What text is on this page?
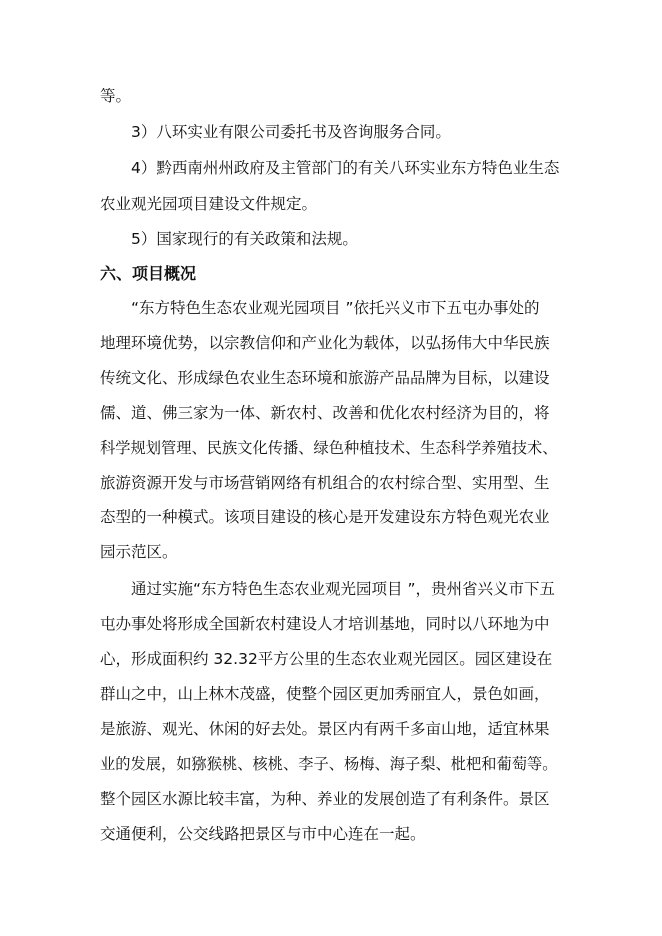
等。
3）八环实业有限公司委托书及咨询服务合同。
4）黔西南州州政府及主管部门的有关八环实业东方特色业生态
农业观光园项目建设文件规定。
5）国家现行的有关政策和法规。
六、项目概况
“东方特色生态农业观光园项目 ”依托兴义市下五屯办事处的
地理环境优势，以宗教信仰和产业化为载体，以弘扬伟大中华民族
传统文化、形成绿色农业生态环境和旅游产品品牌为目标，以建设
儒、道、佛三家为一体、新农村、改善和优化农村经济为目的，将
科学规划管理、民族文化传播、绿色种植技术、生态科学养殖技术、
旅游资源开发与市场营销网络有机组合的农村综合型、实用型、生
态型的一种模式。该项目建设的核心是开发建设东方特色观光农业
园示范区。
通过实施“东方特色生态农业观光园项目 ”，贵州省兴义市下五
屯办事处将形成全国新农村建设人才培训基地，同时以八环地为中
心，形成面积约 32.32平方公里的生态农业观光园区。园区建设在
群山之中，山上林木茂盛，使整个园区更加秀丽宜人，景色如画，
是旅游、观光、休闲的好去处。景区内有两千多亩山地，适宜林果
业的发展，如猕猴桃、核桃、李子、杨梅、海子梨、枇杷和葡萄等。
整个园区水源比较丰富，为种、养业的发展创造了有利条件。景区
交通便利，公交线路把景区与市中心连在一起。
